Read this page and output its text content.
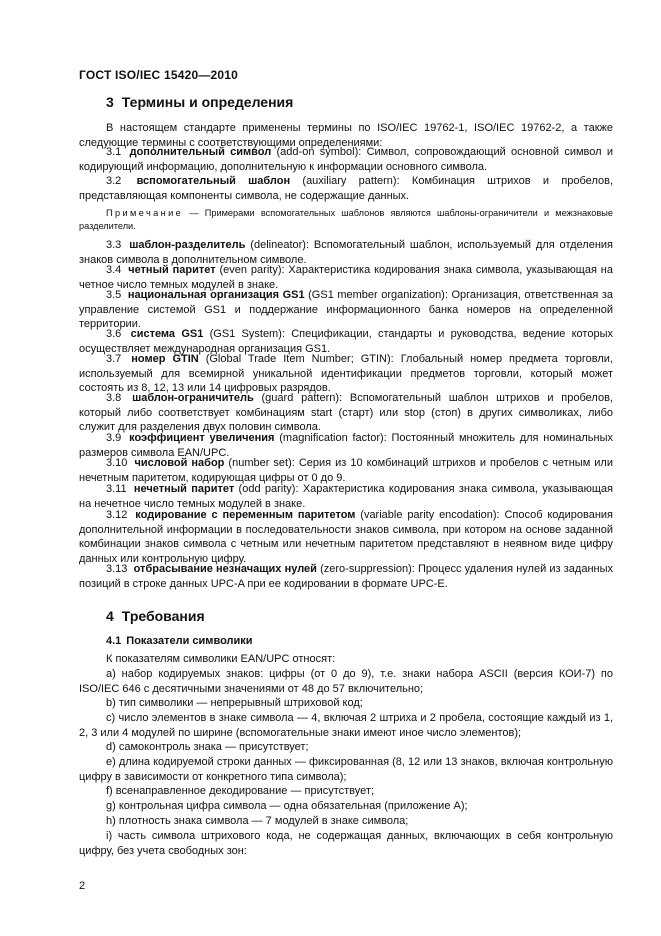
ГОСТ ISO/IEC 15420—2010
3 Термины и определения

В настоящем стандарте применены термины по ISO/IEC 19762-1, ISO/IEC 19762-2, а также следующие термины с соответствующими определениями:

3.1 дополнительный символ (add-on symbol): Символ, сопровождающий основной символ и кодирующий информацию, дополнительную к информации основного символа.

3.2 вспомогательный шаблон (auxiliary pattern): Комбинация штрихов и пробелов, представляющая компоненты символа, не содержащие данных.

Примечание — Примерами вспомогательных шаблонов являются шаблоны-ограничители и межзнаковые разделители.

3.3 шаблон-разделитель (delineator): Вспомогательный шаблон, используемый для отделения знаков символа в дополнительном символе.

3.4 четный паритет (even parity): Характеристика кодирования знака символа, указывающая на четное число темных модулей в знаке.

3.5 национальная организация GS1 (GS1 member organization): Организация, ответственная за управление системой GS1 и поддержание информационного банка номеров на определенной территории.

3.6 система GS1 (GS1 System): Спецификации, стандарты и руководства, ведение которых осуществляет международная организация GS1.

3.7 номер GTIN (Global Trade Item Number; GTIN): Глобальный номер предмета торговли, используемый для всемирной уникальной идентификации предметов торговли, который может состоять из 8, 12, 13 или 14 цифровых разрядов.

3.8 шаблон-ограничитель (guard pattern): Вспомогательный шаблон штрихов и пробелов, который либо соответствует комбинациям start (старт) или stop (стоп) в других символиках, либо служит для разделения двух половин символа.

3.9 коэффициент увеличения (magnification factor): Постоянный множитель для номинальных размеров символа EAN/UPC.

3.10 числовой набор (number set): Серия из 10 комбинаций штрихов и пробелов с четным или нечетным паритетом, кодирующая цифры от 0 до 9.

3.11 нечетный паритет (odd parity): Характеристика кодирования знака символа, указывающая на нечетное число темных модулей в знаке.

3.12 кодирование с переменным паритетом (variable parity encodation): Способ кодирования дополнительной информации в последовательности знаков символа, при котором на основе заданной комбинации знаков символа с четным или нечетным паритетом представляют в неявном виде цифру данных или контрольную цифру.

3.13 отбрасывание незначащих нулей (zero-suppression): Процесс удаления нулей из заданных позиций в строке данных UPC-A при ее кодировании в формате UPC-E.

4 Требования
4.1 Показатели символики

К показателям символики EAN/UPC относят:

a) набор кодируемых знаков: цифры (от 0 до 9), т.е. знаки набора ASCII (версия КОИ-7) по ISO/IEC 646 с десятичными значениями от 48 до 57 включительно;

b) тип символики — непрерывный штриховой код;

c) число элементов в знаке символа — 4, включая 2 штриха и 2 пробела, состоящие каждый из 1, 2, 3 или 4 модулей по ширине (вспомогательные знаки имеют иное число элементов);

d) самоконтроль знака — присутствует;

e) длина кодируемой строки данных — фиксированная (8, 12 или 13 знаков, включая контрольную цифру в зависимости от конкретного типа символа);

f) всенаправленное декодирование — присутствует;

g) контрольная цифра символа — одна обязательная (приложение А);

h) плотность знака символа — 7 модулей в знаке символа;

i) часть символа штрихового кода, не содержащая данных, включающих в себя контрольную цифру, без учета свободных зон:

2
